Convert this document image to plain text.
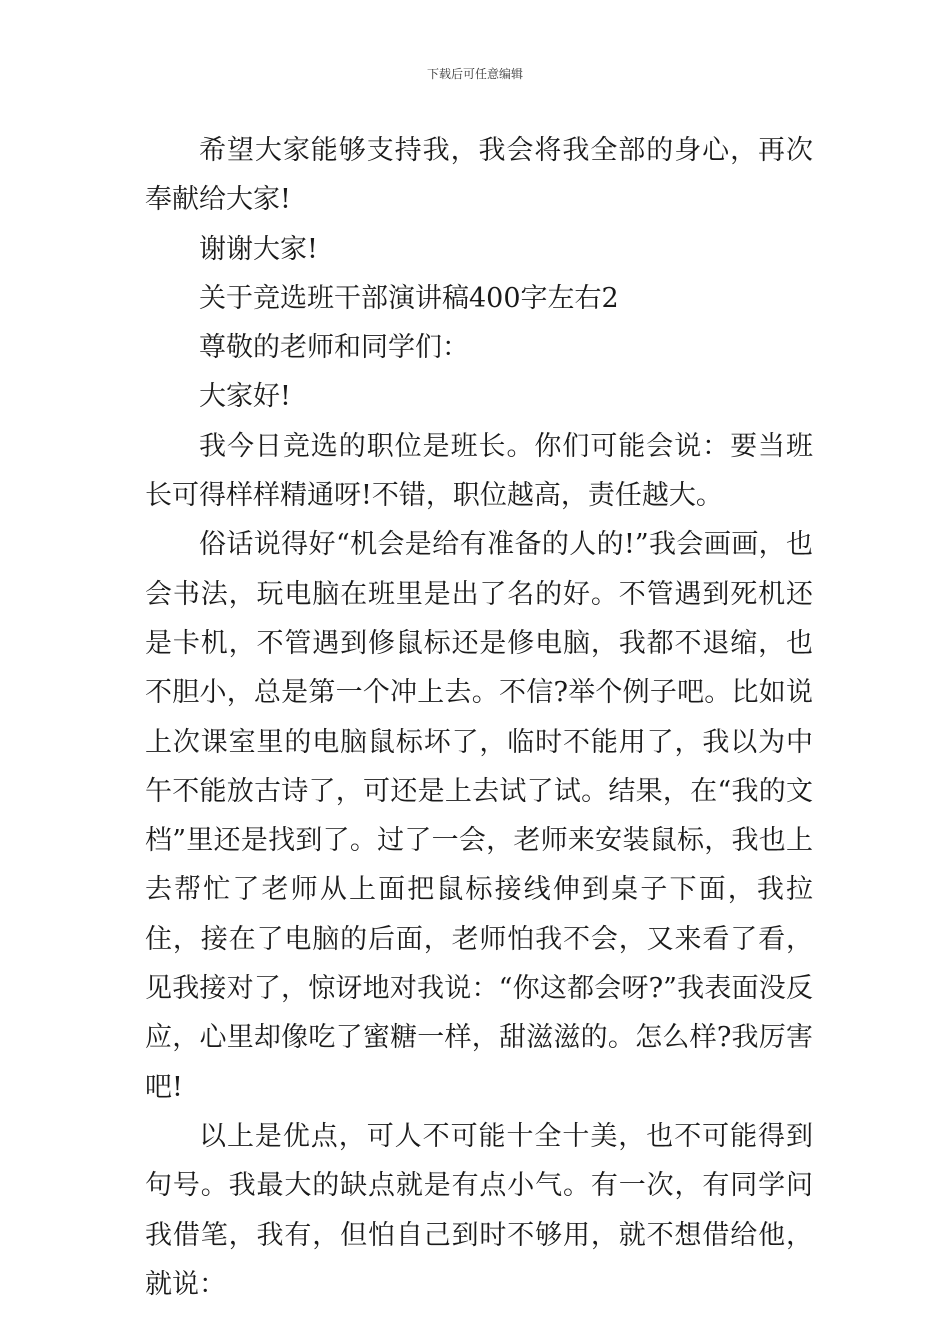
下载后可任意编辑

希望大家能够支持我，我会将我全部的身心，再次奉献给大家!

谢谢大家!

关于竞选班干部演讲稿400字左右2

尊敬的老师和同学们：

大家好!

我今日竞选的职位是班长。你们可能会说：要当班长可得样样精通呀!不错，职位越高，责任越大。

俗话说得好“机会是给有准备的人的!”我会画画，也会书法，玩电脑在班里是出了名的好。不管遇到死机还是卡机，不管遇到修鼠标还是修电脑，我都不退缩，也不胆小，总是第一个冲上去。不信?举个例子吧。比如说上次课室里的电脑鼠标坏了，临时不能用了，我以为中午不能放古诗了，可还是上去试了试。结果，在“我的文档”里还是找到了。过了一会，老师来安装鼠标，我也上去帮忙了老师从上面把鼠标接线伸到桌子下面，我拉住，接在了电脑的后面，老师怕我不会，又来看了看，见我接对了，惊讶地对我说：“你这都会呀?”我表面没反应，心里却像吃了蜜糖一样，甜滋滋的。怎么样?我厉害吧!

以上是优点，可人不可能十全十美，也不可能得到句号。我最大的缺点就是有点小气。有一次，有同学问我借笔，我有，但怕自己到时不够用，就不想借给他，就说：
